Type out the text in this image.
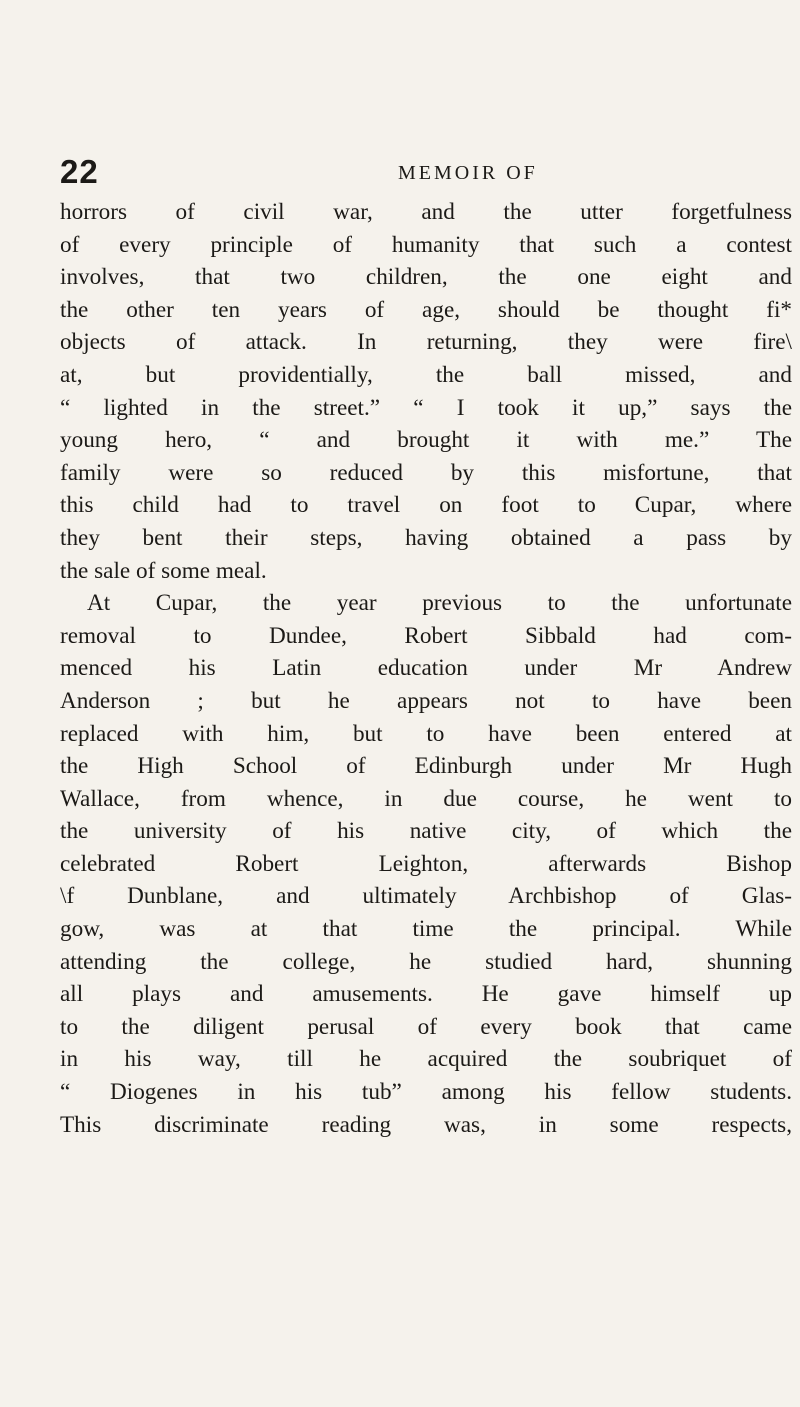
22	MEMOIR OF
horrors of civil war, and the utter forgetfulness
of every principle of humanity that such a contest
involves, that two children, the one eight and
the other ten years of age, should be thought fi*
objects of attack. In returning, they were fire\
at, but providentially, the ball missed, and
“ lighted in the street.” “ I took it up,” says the
young hero, “ and brought it with me.” The
family were so reduced by this misfortune, that
this child had to travel on foot to Cupar, where
they bent their steps, having obtained a pass by
the sale of some meal.
At Cupar, the year previous to the unfortunate
removal to Dundee, Robert Sibbald had com-
menced his Latin education under Mr Andrew
Anderson ; but he appears not to have been
replaced with him, but to have been entered at
the High School of Edinburgh under Mr Hugh
Wallace, from whence, in due course, he went to
the university of his native city, of which the
celebrated Robert Leighton, afterwards Bishop
\f Dunblane, and ultimately Archbishop of Glas-
gow, was at that time the principal. While
attending the college, he studied hard, shunning
all plays and amusements. He gave himself up
to the diligent perusal of every book that came
in his way, till he acquired the soubriquet of
“ Diogenes in his tub” among his fellow students.
This discriminate reading was, in some respects,
